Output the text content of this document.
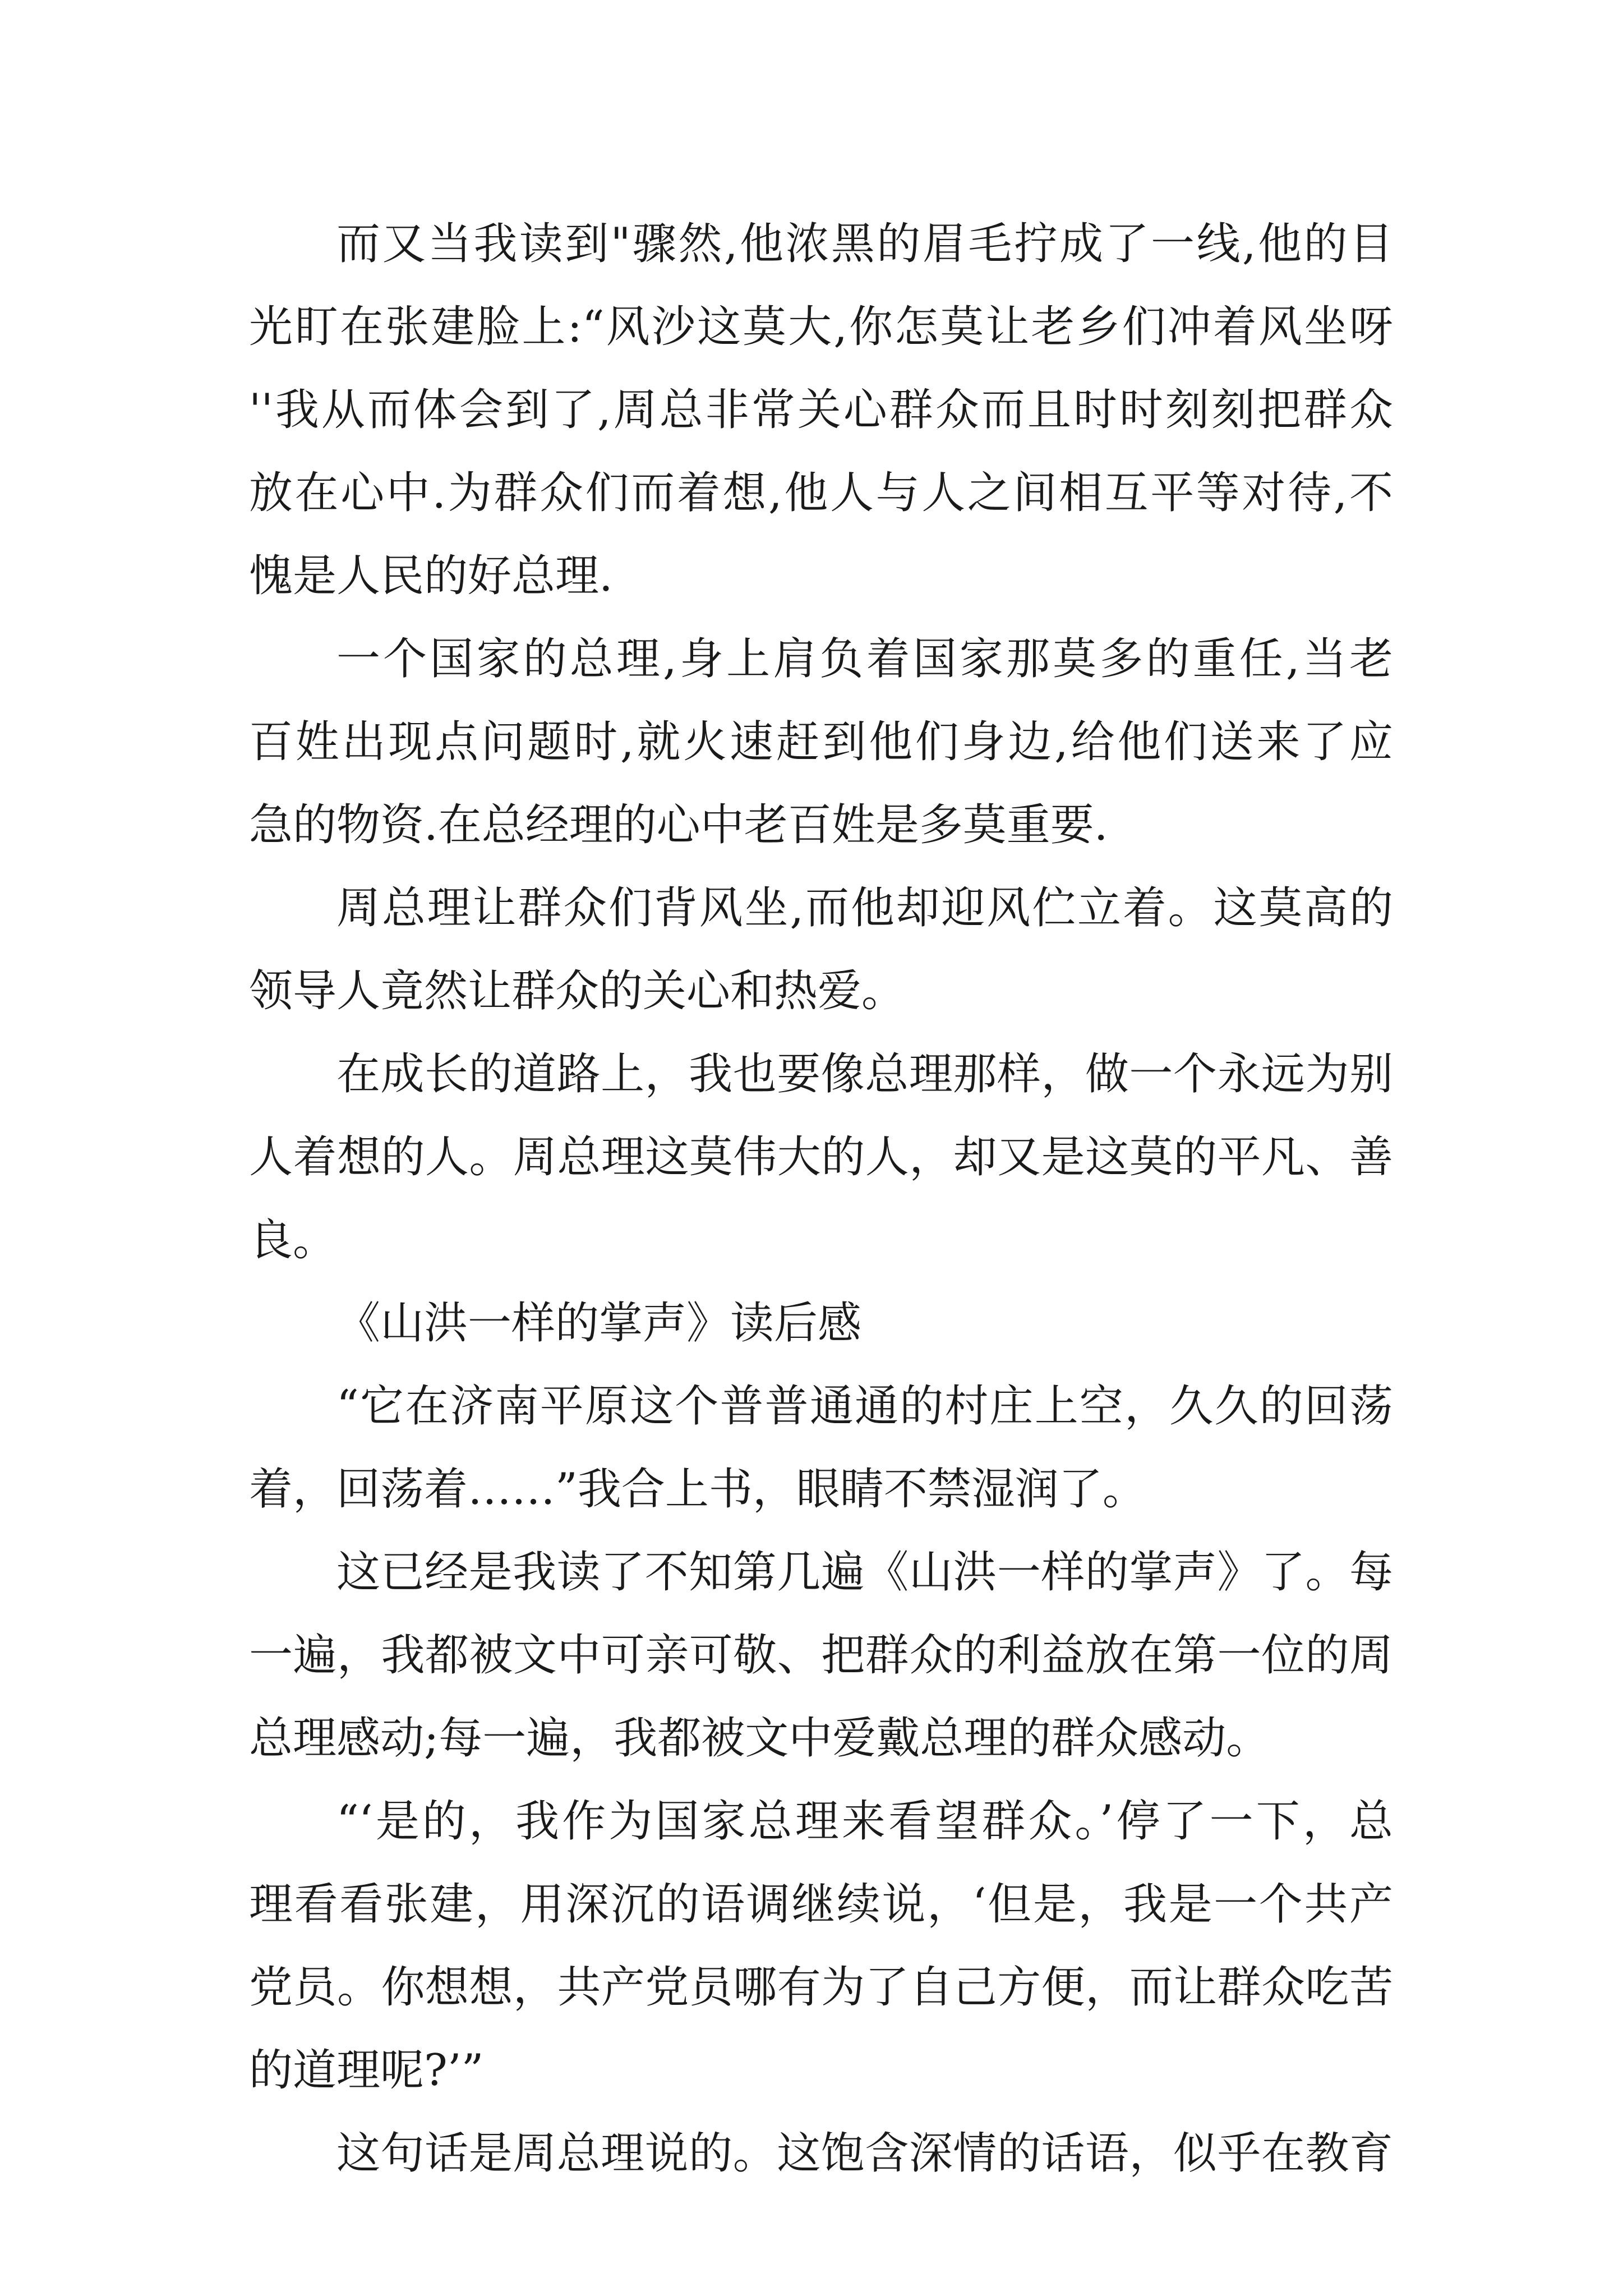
而又当我读到"骤然,他浓黑的眉毛拧成了一线,他的目
光盯在张建脸上:“风沙这莫大,你怎莫让老乡们冲着风坐呀
''我从而体会到了,周总非常关心群众而且时时刻刻把群众
放在心中.为群众们而着想,他人与人之间相互平等对待,不
愧是人民的好总理.
一个国家的总理,身上肩负着国家那莫多的重任,当老
百姓出现点问题时,就火速赶到他们身边,给他们送来了应
急的物资.在总经理的心中老百姓是多莫重要.
周总理让群众们背风坐,而他却迎风伫立着。这莫高的
领导人竟然让群众的关心和热爱。
在成长的道路上，我也要像总理那样，做一个永远为别
人着想的人。周总理这莫伟大的人，却又是这莫的平凡、善
良。
《山洪一样的掌声》读后感
“它在济南平原这个普普通通的村庄上空，久久的回荡
着，回荡着……”我合上书，眼睛不禁湿润了。
这已经是我读了不知第几遍《山洪一样的掌声》了。每
一遍，我都被文中可亲可敬、把群众的利益放在第一位的周
总理感动;每一遍，我都被文中爱戴总理的群众感动。
“‘是的，我作为国家总理来看望群众。’停了一下，总
理看看张建，用深沉的语调继续说，‘但是，我是一个共产
党员。你想想，共产党员哪有为了自己方便，而让群众吃苦
的道理呢?’”
这句话是周总理说的。这饱含深情的话语，似乎在教育
